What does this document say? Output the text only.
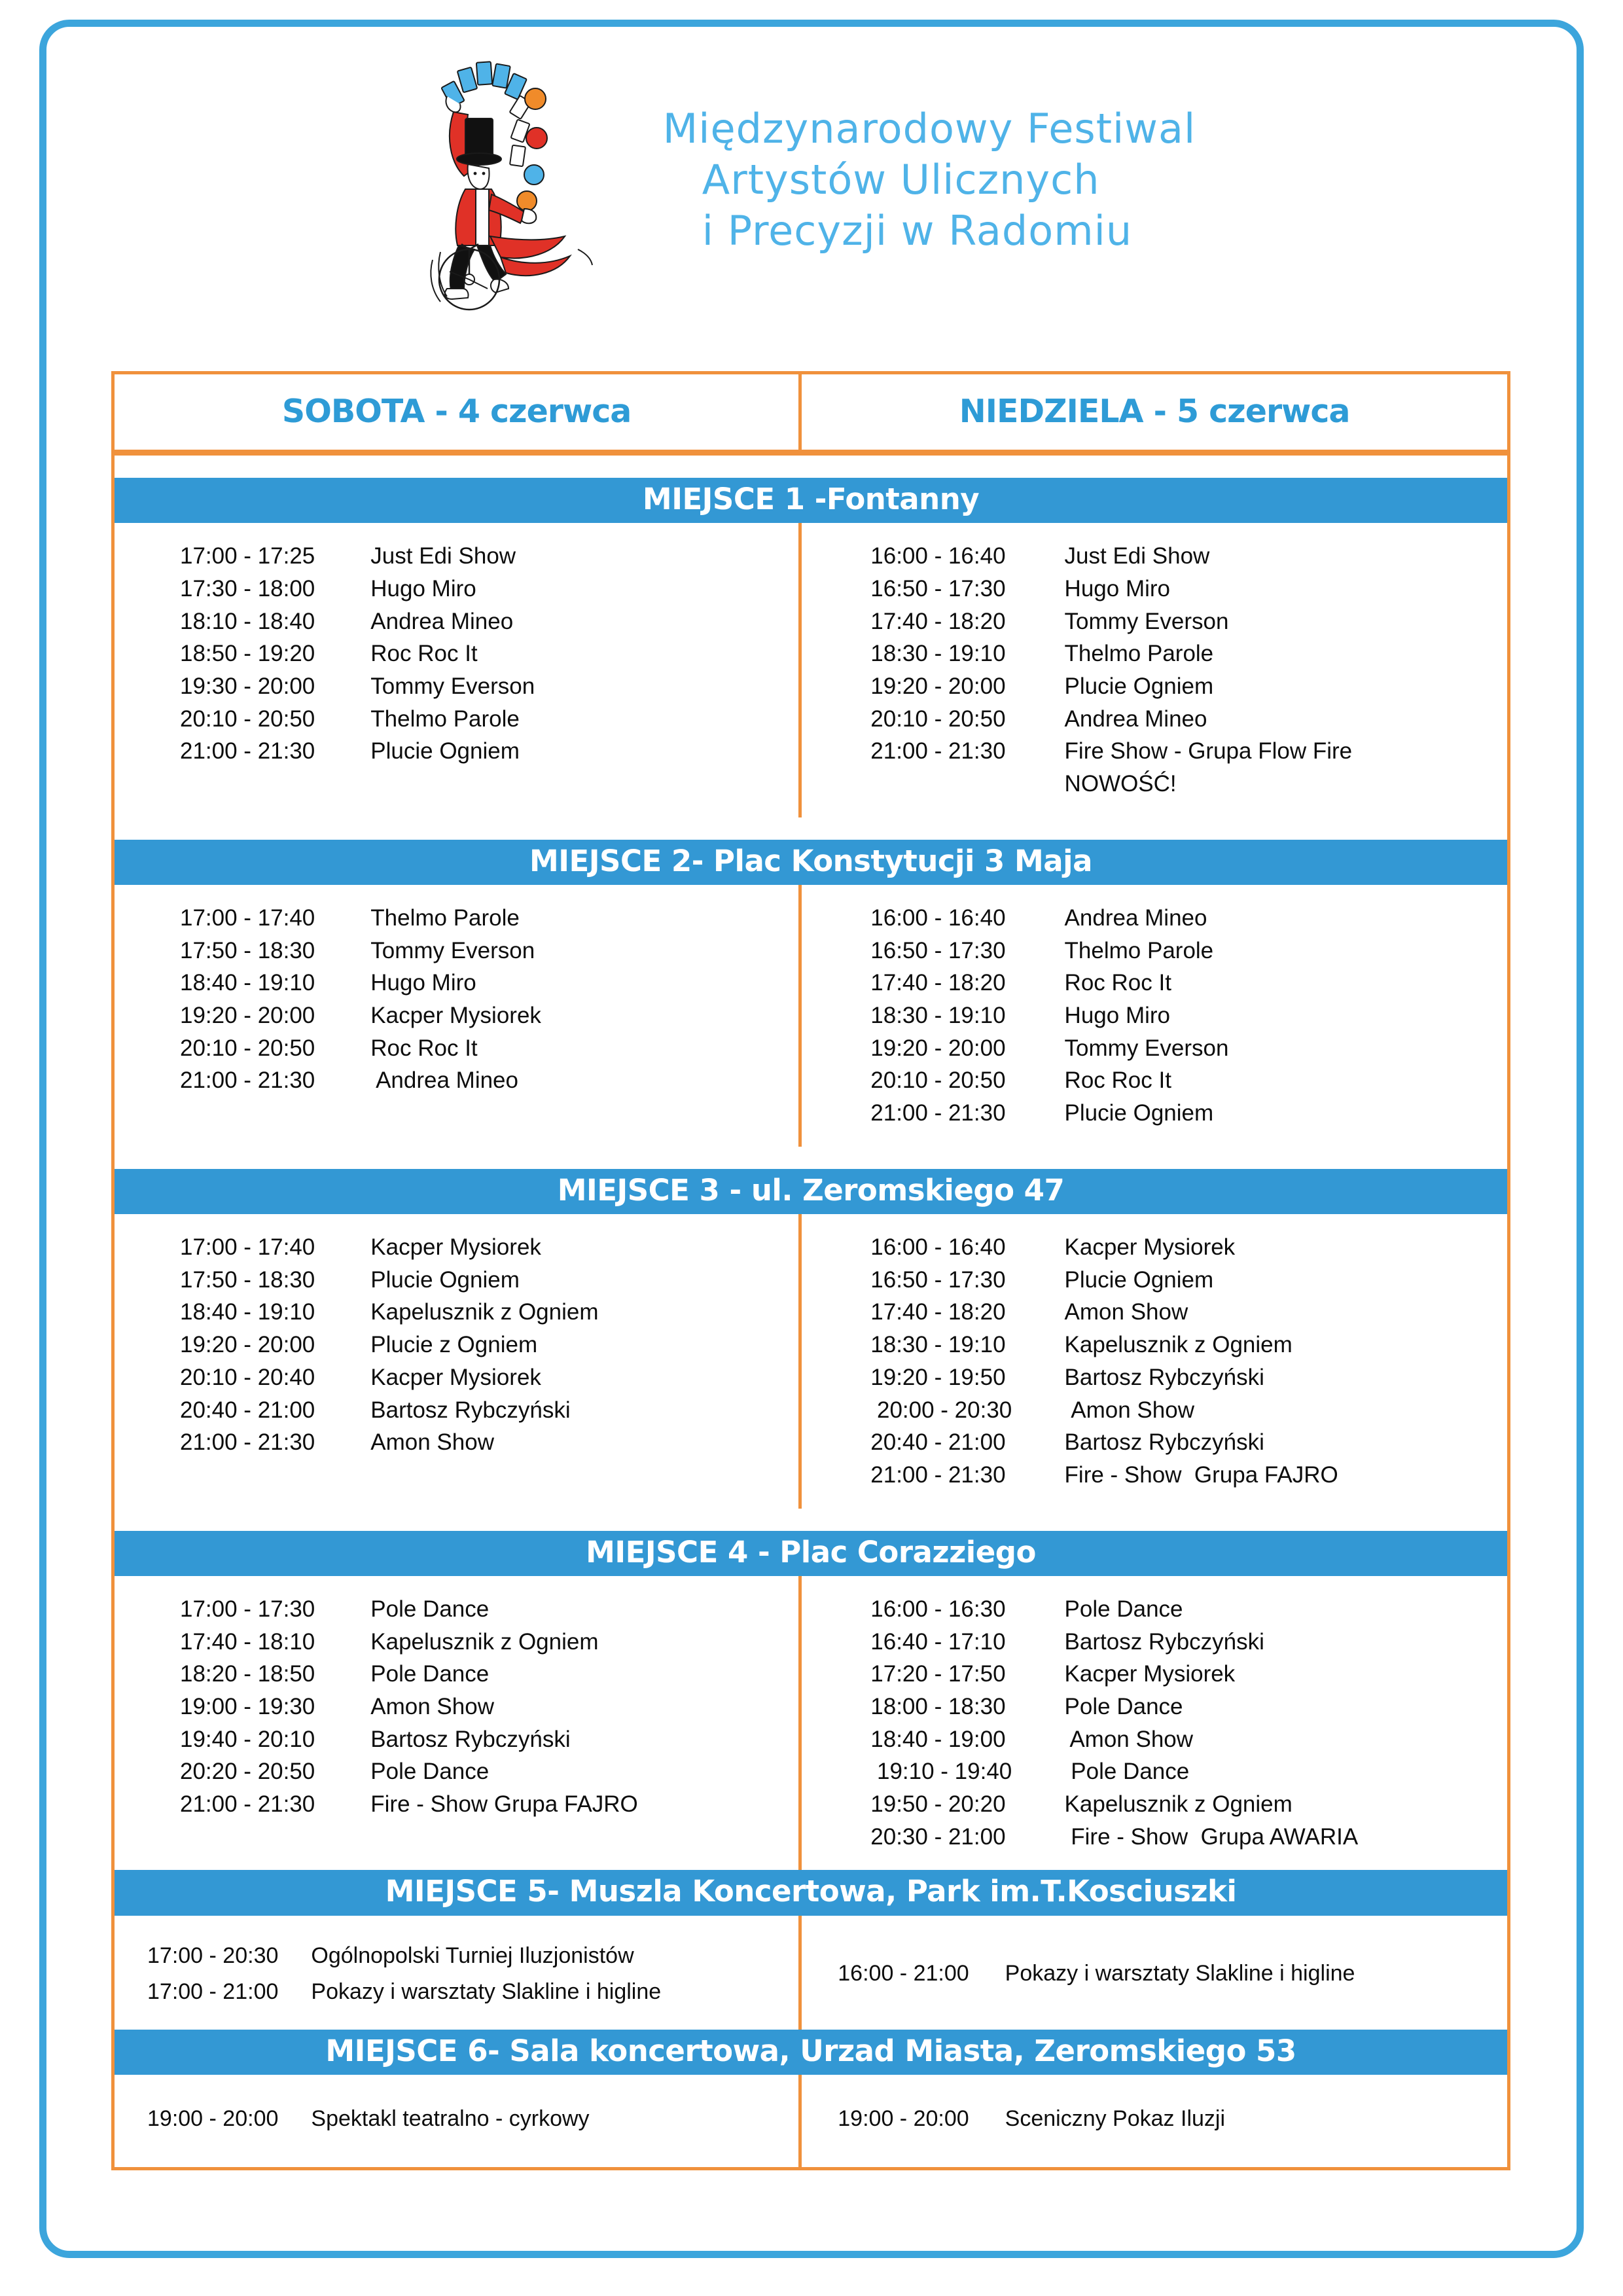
Międzynarodowy Festiwal
Artystów Ulicznych
i Precyzji w Radomiu
SOBOTA - 4 czerwca	NIEDZIELA - 5 czerwca
MIEJSCE 1 -Fontanny
17:00 - 17:25 Just Edi Show
17:30 - 18:00 Hugo Miro
18:10 - 18:40 Andrea Mineo
18:50 - 19:20 Roc Roc It
19:30 - 20:00 Tommy Everson
20:10 - 20:50 Thelmo Parole
21:00 - 21:30 Plucie Ogniem
16:00 - 16:40	Just Edi Show
16:50 - 17:30	Hugo Miro
17:40 - 18:20	Tommy Everson
18:30 - 19:10	Thelmo Parole
19:20 - 20:00	Plucie Ogniem
20:10 - 20:50	Andrea Mineo
21:00 - 21:30	Fire Show - Grupa Flow Fire NOWOŚĆ!
MIEJSCE 2- Plac Konstytucji 3 Maja
17:00 - 17:40 Thelmo Parole
17:50 - 18:30 Tommy Everson
18:40 - 19:10 Hugo Miro
19:20 - 20:00 Kacper Mysiorek
20:10 - 20:50 Roc Roc It
21:00 - 21:30 Andrea Mineo
16:00 - 16:40	Andrea Mineo
16:50 - 17:30	Thelmo Parole
17:40 - 18:20	Roc Roc It
18:30 - 19:10	Hugo Miro
19:20 - 20:00	Tommy Everson
20:10 - 20:50	Roc Roc It
21:00 - 21:30	Plucie Ogniem
MIEJSCE 3 - ul. Zeromskiego 47
17:00 - 17:40 Kacper Mysiorek
17:50 - 18:30 Plucie Ogniem
18:40 - 19:10 Kapelusznik z Ogniem
19:20 - 20:00 Plucie z Ogniem
20:10 - 20:40 Kacper Mysiorek
20:40 - 21:00 Bartosz Rybczyński
21:00 - 21:30 Amon Show
16:00 - 16:40	Kacper Mysiorek
16:50 - 17:30	Plucie Ogniem
17:40 - 18:20	Amon Show
18:30 - 19:10	Kapelusznik z Ogniem
19:20 - 19:50	Bartosz Rybczyński
20:00 - 20:30	Amon Show
20:40 - 21:00	Bartosz Rybczyński
21:00 - 21:30	Fire - Show  Grupa FAJRO
MIEJSCE 4 - Plac Corazziego
17:00 - 17:30 Pole Dance
17:40 - 18:10 Kapelusznik z Ogniem
18:20 - 18:50 Pole Dance
19:00 - 19:30 Amon Show
19:40 - 20:10 Bartosz Rybczyński
20:20 - 20:50 Pole Dance
21:00 - 21:30 Fire - Show Grupa FAJRO
16:00 - 16:30	Pole Dance
16:40 - 17:10	Bartosz Rybczyński
17:20 - 17:50	Kacper Mysiorek
18:00 - 18:30	Pole Dance
18:40 - 19:00	Amon Show
19:10 - 19:40	Pole Dance
19:50 - 20:20	Kapelusznik z Ogniem
20:30 - 21:00	Fire - Show  Grupa AWARIA
MIEJSCE 5- Muszla Koncertowa, Park im.T.Kosciuszki
17:00 - 20:30 Ogólnopolski Turniej Iluzjonistów
17:00 - 21:00 Pokazy i warsztaty Slakline i higline
16:00 - 21:00 Pokazy i warsztaty Slakline i higline
MIEJSCE 6- Sala koncertowa, Urzad Miasta, Zeromskiego 53
19:00 - 20:00 Spektakl teatralno - cyrkowy	19:00 - 20:00 Sceniczny Pokaz Iluzji
